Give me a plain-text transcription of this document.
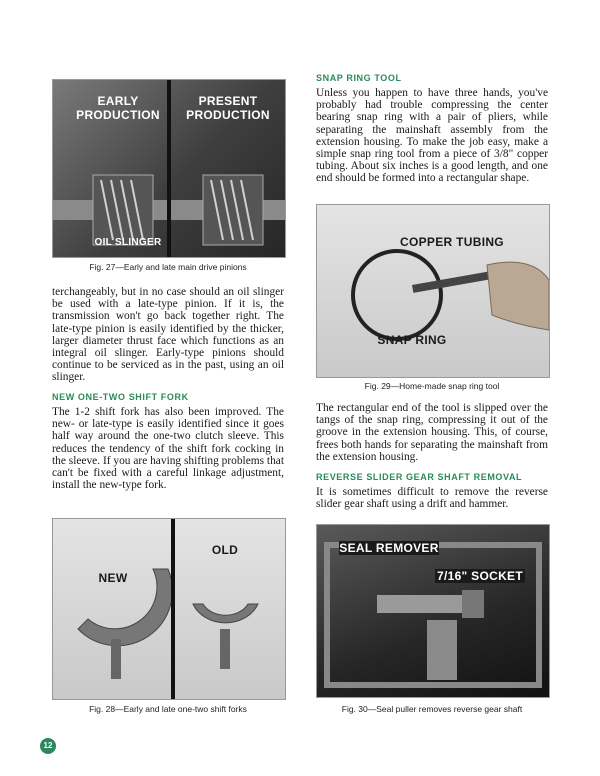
EARLY PRODUCTION
PRESENT PRODUCTION
OIL SLINGER
Fig. 27—Early and late main drive pinions

terchangeably, but in no case should an oil slinger be used with a late-type pinion. If it is, the transmission won't go back together right. The late-type pinion is easily identified by the thicker, larger diameter thrust face which functions as an integral oil slinger. Early-type pinions should continue to be serviced as in the past, using an oil slinger.

NEW ONE-TWO SHIFT FORK

The 1-2 shift fork has also been improved. The new- or late-type is easily identified since it goes half way around the one-two clutch sleeve. This reduces the tendency of the shift fork cocking in the sleeve. If you are having shifting problems that can't be fixed with a careful linkage adjustment, install the new-type fork.

NEW
OLD
Fig. 28—Early and late one-two shift forks
SNAP RING TOOL

Unless you happen to have three hands, you've probably had trouble compressing the center bearing snap ring with a pair of pliers, while separating the mainshaft assembly from the extension housing. To make the job easy, make a simple snap ring tool from a piece of 3/8" copper tubing. About six inches is a good length, and one end should be formed into a rectangular shape.

COPPER TUBING
SNAP RING
Fig. 29—Home-made snap ring tool

The rectangular end of the tool is slipped over the tangs of the snap ring, compressing it out of the groove in the extension housing. This, of course, frees both hands for separating the mainshaft from the extension housing.

REVERSE SLIDER GEAR SHAFT REMOVAL

It is sometimes difficult to remove the reverse slider gear shaft using a drift and hammer.

SEAL REMOVER
7/16" SOCKET
Fig. 30—Seal puller removes reverse gear shaft
12
